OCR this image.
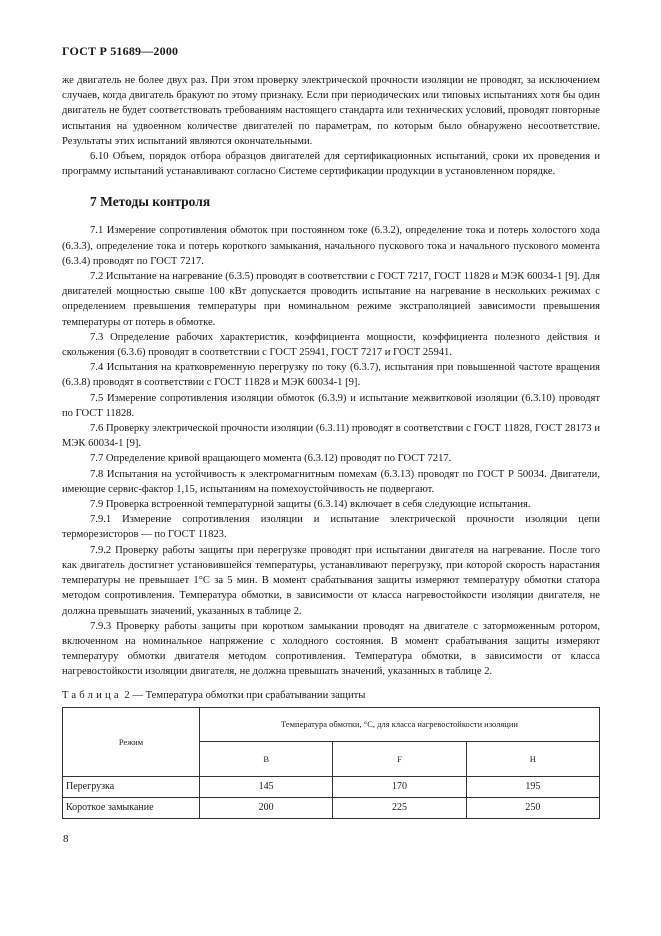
ГОСТ Р 51689—2000

же двигатель не более двух раз. При этом проверку электрической прочности изоляции не проводят, за исключением случаев, когда двигатель бракуют по этому признаку. Если при периодических или типовых испытаниях хотя бы один двигатель не будет соответствовать требованиям настоящего стандарта или технических условий, проводят повторные испытания на удвоенном количестве двигателей по параметрам, по которым было обнаружено несоответствие. Результаты этих испытаний являются окончательными.

6.10 Объем, порядок отбора образцов двигателей для сертификационных испытаний, сроки их проведения и программу испытаний устанавливают согласно Системе сертификации продукции в установленном порядке.

7 Методы контроля

7.1 Измерение сопротивления обмоток при постоянном токе (6.3.2), определение тока и потерь холостого хода (6.3.3), определение тока и потерь короткого замыкания, начального пускового тока и начального пускового момента (6.3.4) проводят по ГОСТ 7217.

7.2 Испытание на нагревание (6.3.5) проводят в соответствии с ГОСТ 7217, ГОСТ 11828 и МЭК 60034-1 [9]. Для двигателей мощностью свыше 100 кВт допускается проводить испытание на нагревание в нескольких режимах с определением превышения температуры при номинальном режиме экстраполяцией зависимости превышения температуры от потерь в обмотке.

7.3 Определение рабочих характеристик, коэффициента мощности, коэффициента полезного действия и скольжения (6.3.6) проводят в соответствии с ГОСТ 25941, ГОСТ 7217 и ГОСТ 25941.

7.4 Испытания на кратковременную перегрузку по току (6.3.7), испытания при повышенной частоте вращения (6.3.8) проводят в соответствии с ГОСТ 11828 и МЭК 60034-1 [9].

7.5 Измерение сопротивления изоляции обмоток (6.3.9) и испытание межвитковой изоляции (6.3.10) проводят по ГОСТ 11828.

7.6 Проверку электрической прочности изоляции (6.3.11) проводят в соответствии с ГОСТ 11828, ГОСТ 28173 и МЭК 60034-1 [9].

7.7 Определение кривой вращающего момента (6.3.12) проводят по ГОСТ 7217.

7.8 Испытания на устойчивость к электромагнитным помехам (6.3.13) проводят по ГОСТ Р 50034. Двигатели, имеющие сервис-фактор 1,15, испытаниям на помехоустойчивость не подвергают.

7.9 Проверка встроенной температурной защиты (6.3.14) включает в себя следующие испытания.

7.9.1 Измерение сопротивления изоляции и испытание электрической прочности изоляции цепи терморезисторов — по ГОСТ 11823.

7.9.2 Проверку работы защиты при перегрузке проводят при испытании двигателя на нагревание. После того как двигатель достигнет установившейся температуры, устанавливают перегрузку, при которой скорость нарастания температуры не превышает 1°С за 5 мин. В момент срабатывания защиты измеряют температуру обмотки статора методом сопротивления. Температура обмотки, в зависимости от класса нагревостойкости изоляции двигателя, не должна превышать значений, указанных в таблице 2.

7.9.3 Проверку работы защиты при коротком замыкании проводят на двигателе с заторможенным ротором, включенном на номинальное напряжение с холодного состояния. В момент срабатывания защиты измеряют температуру обмотки двигателя методом сопротивления. Температура обмотки, в зависимости от класса нагревостойкости изоляции двигателя, не должна превышать значений, указанных в таблице 2.

Таблица 2 — Температура обмотки при срабатывании защиты
Режим	Температура обмотки, °С, для класса нагревостойкости изоляции		
	B	F	H
Перегрузка	145	170	195
Короткое замыкание	200	225	250
8
